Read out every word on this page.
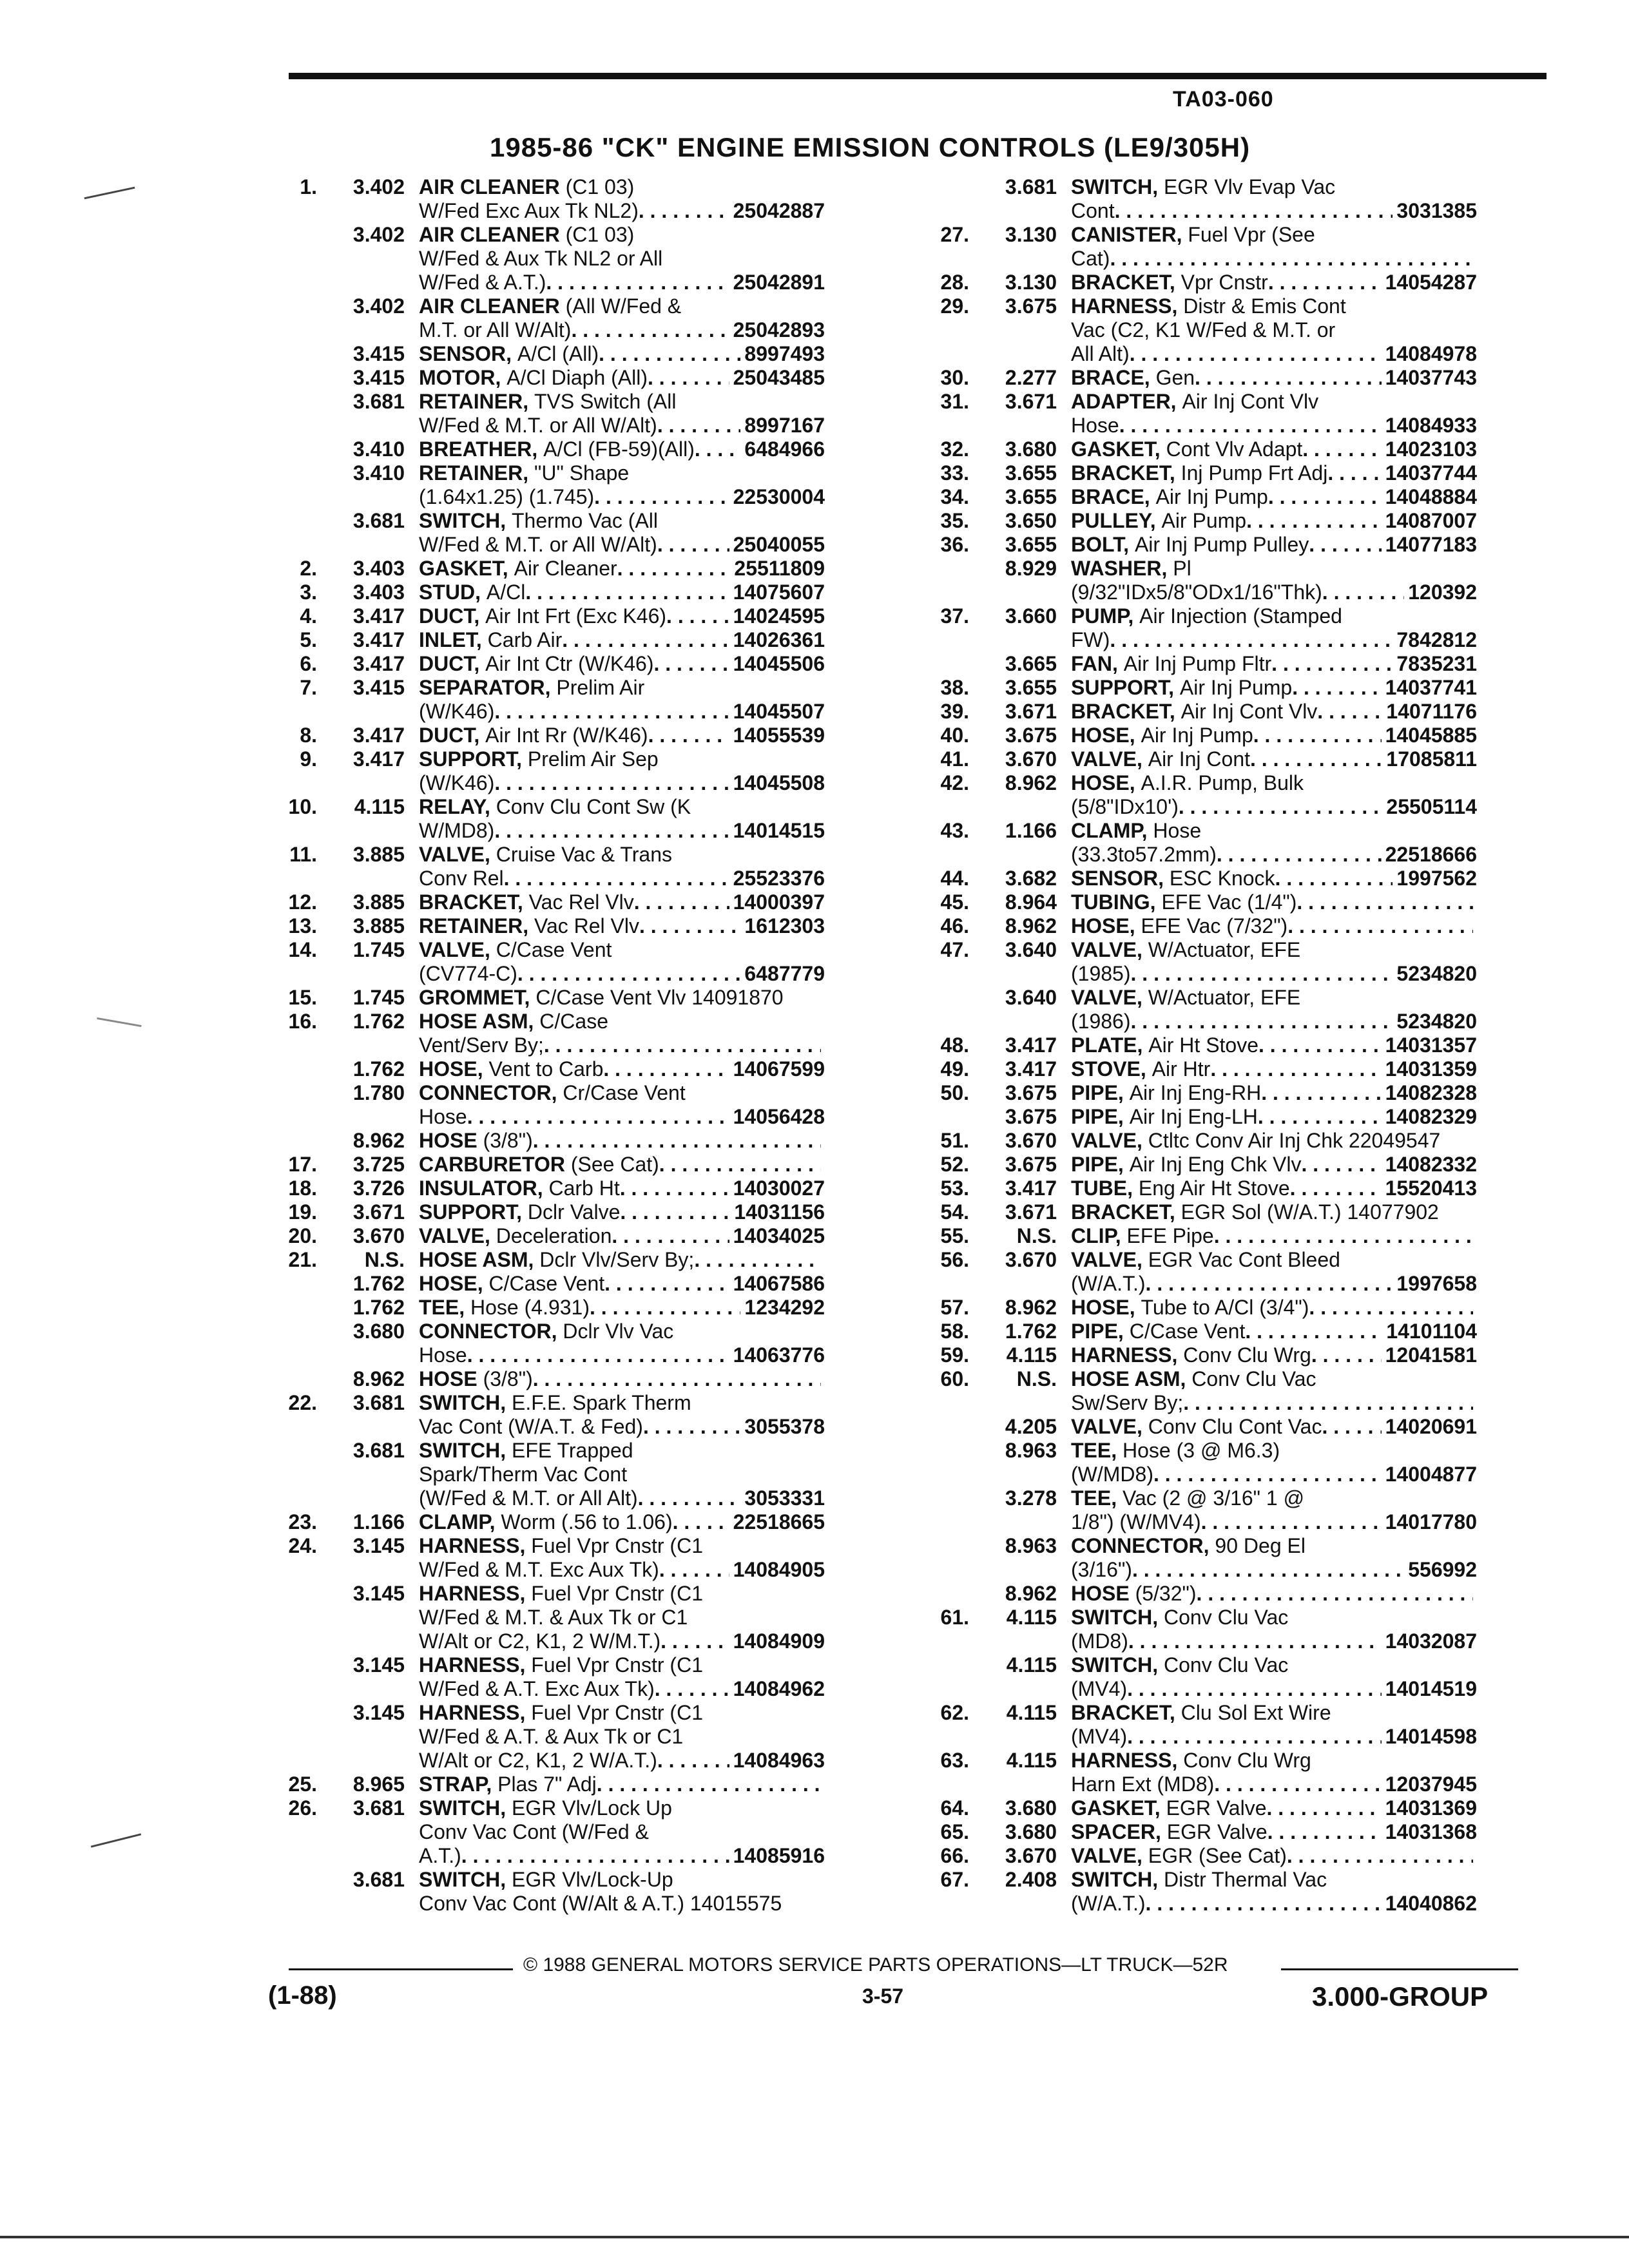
TA03-060
1985-86 "CK" ENGINE EMISSION CONTROLS (LE9/305H)
1.	3.402 AIR CLEANER (C1 03)
W/Fed Exc Aux Tk NL2) . . .	25042887
3.402 AIR CLEANER (C1 03)
W/Fed & Aux Tk NL2 or All
W/Fed & A.T.) . . .	25042891
3.402 AIR CLEANER (All W/Fed &
M.T. or All W/Alt) . . .	25042893
3.415 SENSOR, A/Cl (All) . . .	8997493
3.415 MOTOR, A/Cl Diaph (All) . . .	25043485
3.681 RETAINER, TVS Switch (All
W/Fed & M.T. or All W/Alt) . . .	8997167
3.410 BREATHER, A/Cl (FB-59)(All) . . . 6484966
3.410 RETAINER, "U" Shape
(1.64x1.25) (1.745) . . .	22530004
3.681 SWITCH, Thermo Vac (All
W/Fed & M.T. or All W/Alt) . . .	25040055
2.	3.403 GASKET, Air Cleaner . . .	25511809
3.	3.403 STUD, A/Cl . . .	14075607
4.	3.417 DUCT, Air Int Frt (Exc K46) . . .	14024595
5.	3.417 INLET, Carb Air . . .	14026361
6.	3.417 DUCT, Air Int Ctr (W/K46) . . .	14045506
7.	3.415 SEPARATOR, Prelim Air
(W/K46) . . .	14045507
8.	3.417 DUCT, Air Int Rr (W/K46) . . .	14055539
9.	3.417 SUPPORT, Prelim Air Sep
(W/K46) . . .	14045508
10.	4.115 RELAY, Conv Clu Cont Sw (K
W/MD8) . . .	14014515
11.	3.885 VALVE, Cruise Vac & Trans
Conv Rel . . .	25523376
12.	3.885 BRACKET, Vac Rel Vlv . . .	14000397
13.	3.885 RETAINER, Vac Rel Vlv . . .	1612303
14.	1.745 VALVE, C/Case Vent
(CV774-C) . . .	6487779
15.	1.745 GROMMET, C/Case Vent Vlv 14091870
16.	1.762 HOSE ASM, C/Case
Vent/Serv By;
. . .
1.762 HOSE, Vent to Carb . . .	14067599
1.780 CONNECTOR, Cr/Case Vent
Hose . . .	14056428
8.962 HOSE (3/8")
. . .
17.	3.725 CARBURETOR (See Cat)
. . .
18.	3.726 INSULATOR, Carb Ht . . .	14030027
19.	3.671 SUPPORT, Dclr Valve . . .	14031156
20.	3.670 VALVE, Deceleration . . .	14034025
21.	N.S. HOSE ASM, Dclr Vlv/Serv By;
. . .
1.762 HOSE, C/Case Vent . . .	14067586
1.762 TEE, Hose (4.931) . . .	1234292
3.680 CONNECTOR, Dclr Vlv Vac
Hose . . .	14063776
8.962 HOSE (3/8")
. . .
22.	3.681 SWITCH, E.F.E. Spark Therm
Vac Cont (W/A.T. & Fed) . . .	3055378
3.681 SWITCH, EFE Trapped
Spark/Therm Vac Cont
(W/Fed & M.T. or All Alt) . . .	3053331
23.	1.166 CLAMP, Worm (.56 to 1.06) . . .	22518665
24.	3.145 HARNESS, Fuel Vpr Cnstr (C1
W/Fed & M.T. Exc Aux Tk) . . .	14084905
3.145 HARNESS, Fuel Vpr Cnstr (C1
W/Fed & M.T. & Aux Tk or C1
W/Alt or C2, K1, 2 W/M.T.) . . .	14084909
3.145 HARNESS, Fuel Vpr Cnstr (C1
W/Fed & A.T. Exc Aux Tk) . . .	14084962
3.145 HARNESS, Fuel Vpr Cnstr (C1
W/Fed & A.T. & Aux Tk or C1
W/Alt or C2, K1, 2 W/A.T.) . . .	14084963
25.	8.965 STRAP, Plas 7" Adj
. . .
26.	3.681 SWITCH, EGR Vlv/Lock Up
Conv Vac Cont (W/Fed &
A.T.) . . .	14085916
3.681 SWITCH, EGR Vlv/Lock-Up
Conv Vac Cont (W/Alt & A.T.) 14015575
3.681 SWITCH, EGR Vlv Evap Vac
Cont . . .	3031385
27.	3.130 CANISTER, Fuel Vpr (See
Cat)
. . .
28.	3.130 BRACKET, Vpr Cnstr . . .	14054287
29.	3.675 HARNESS, Distr & Emis Cont
Vac (C2, K1 W/Fed & M.T. or
All Alt) . . .	14084978
30.	2.277 BRACE, Gen . . .	14037743
31.	3.671 ADAPTER, Air Inj Cont Vlv
Hose . . .	14084933
32.	3.680 GASKET, Cont Vlv Adapt . . .	14023103
33.	3.655 BRACKET, Inj Pump Frt Adj . . .	14037744
34.	3.655 BRACE, Air Inj Pump . . .	14048884
35.	3.650 PULLEY, Air Pump . . .	14087007
36.	3.655 BOLT, Air Inj Pump Pulley . . .	14077183
8.929 WASHER, Pl
(9/32"IDx5/8"ODx1/16"Thk) . . .	120392
37.	3.660 PUMP, Air Injection (Stamped
FW) . . .	7842812
3.665 FAN, Air Inj Pump Fltr . . .	7835231
38.	3.655 SUPPORT, Air Inj Pump . . .	14037741
39.	3.671 BRACKET, Air Inj Cont Vlv . . .	14071176
40.	3.675 HOSE, Air Inj Pump . . .	14045885
41.	3.670 VALVE, Air Inj Cont . . .	17085811
42.	8.962 HOSE, A.I.R. Pump, Bulk
(5/8"IDx10') . . .	25505114
43.	1.166 CLAMP, Hose
(33.3to57.2mm) . . .	22518666
44.	3.682 SENSOR, ESC Knock . . .	1997562
45.	8.964 TUBING, EFE Vac (1/4")
. . .
46.	8.962 HOSE, EFE Vac (7/32")
. . .
47.	3.640 VALVE, W/Actuator, EFE
(1985) . . .	5234820
3.640 VALVE, W/Actuator, EFE
(1986) . . .	5234820
48.	3.417 PLATE, Air Ht Stove . . .	14031357
49.	3.417 STOVE, Air Htr . . .	14031359
50.	3.675 PIPE, Air Inj Eng-RH . . .	14082328
3.675 PIPE, Air Inj Eng-LH . . .	14082329
51.	3.670 VALVE, Ctltc Conv Air Inj Chk 22049547
52.	3.675 PIPE, Air Inj Eng Chk Vlv . . .	14082332
53.	3.417 TUBE, Eng Air Ht Stove . . .	15520413
54.	3.671 BRACKET, EGR Sol (W/A.T.) 14077902
55.	N.S. CLIP, EFE Pipe
. . .
56.	3.670 VALVE, EGR Vac Cont Bleed
(W/A.T.) . . .	1997658
57.	8.962 HOSE, Tube to A/Cl (3/4")
. . .
58.	1.762 PIPE, C/Case Vent . . .	14101104
59.	4.115 HARNESS, Conv Clu Wrg . . .	12041581
60.	N.S. HOSE ASM, Conv Clu Vac
Sw/Serv By;
. . .
4.205 VALVE, Conv Clu Cont Vac . . .	14020691
8.963 TEE, Hose (3 @ M6.3)
(W/MD8) . . .	14004877
3.278 TEE, Vac (2 @ 3/16" 1 @
1/8") (W/MV4) . . .	14017780
8.963 CONNECTOR, 90 Deg El
(3/16") . . .	556992
8.962 HOSE (5/32")
. . .
61.	4.115 SWITCH, Conv Clu Vac
(MD8) . . .	14032087
4.115 SWITCH, Conv Clu Vac
(MV4) . . .	14014519
62.	4.115 BRACKET, Clu Sol Ext Wire
(MV4) . . .	14014598
63.	4.115 HARNESS, Conv Clu Wrg
Harn Ext (MD8) . . .	12037945
64.	3.680 GASKET, EGR Valve . . .	14031369
65.	3.680 SPACER, EGR Valve . . .	14031368
66.	3.670 VALVE, EGR (See Cat)
. . .
67.	2.408 SWITCH, Distr Thermal Vac
(W/A.T.) . . .	14040862
© 1988 GENERAL MOTORS SERVICE PARTS OPERATIONS—LT TRUCK—52R
(1-88)	3-57	3.000-GROUP
